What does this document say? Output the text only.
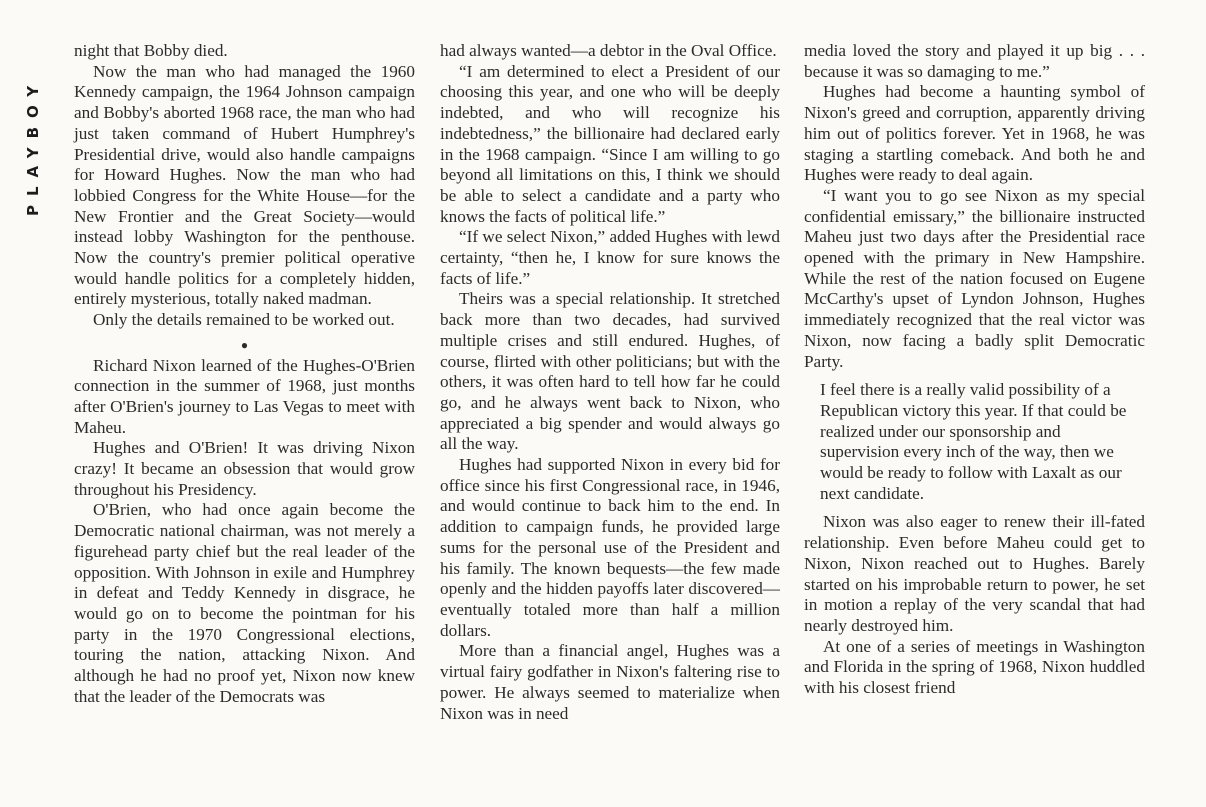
PLAYBOY

night that Bobby died.

Now the man who had managed the 1960 Kennedy campaign, the 1964 Johnson campaign and Bobby's aborted 1968 race, the man who had just taken command of Hubert Humphrey's Presidential drive, would also handle campaigns for Howard Hughes. Now the man who had lobbied Congress for the White House—for the New Frontier and the Great Society—would instead lobby Washington for the penthouse. Now the country's premier political operative would handle politics for a completely hidden, entirely mysterious, totally naked madman.

Only the details remained to be worked out.

●

Richard Nixon learned of the Hughes-O'Brien connection in the summer of 1968, just months after O'Brien's journey to Las Vegas to meet with Maheu.

Hughes and O'Brien! It was driving Nixon crazy! It became an obsession that would grow throughout his Presidency.

O'Brien, who had once again become the Democratic national chairman, was not merely a figurehead party chief but the real leader of the opposition. With Johnson in exile and Humphrey in defeat and Teddy Kennedy in disgrace, he would go on to become the pointman for his party in the 1970 Congressional elections, touring the nation, attacking Nixon. And although he had no proof yet, Nixon now knew that the leader of the Democrats was

had always wanted—a debtor in the Oval Office.

“I am determined to elect a President of our choosing this year, and one who will be deeply indebted, and who will recognize his indebtedness,” the billionaire had declared early in the 1968 campaign. “Since I am willing to go beyond all limitations on this, I think we should be able to select a candidate and a party who knows the facts of political life.”

“If we select Nixon,” added Hughes with lewd certainty, “then he, I know for sure knows the facts of life.”

Theirs was a special relationship. It stretched back more than two decades, had survived multiple crises and still endured. Hughes, of course, flirted with other politicians; but with the others, it was often hard to tell how far he could go, and he always went back to Nixon, who appreciated a big spender and would always go all the way.

Hughes had supported Nixon in every bid for office since his first Congressional race, in 1946, and would continue to back him to the end. In addition to campaign funds, he provided large sums for the personal use of the President and his family. The known bequests—the few made openly and the hidden payoffs later discovered—eventually totaled more than half a million dollars.

More than a financial angel, Hughes was a virtual fairy godfather in Nixon's faltering rise to power. He always seemed to materialize when Nixon was in need

media loved the story and played it up big . . . because it was so damaging to me.”

Hughes had become a haunting symbol of Nixon's greed and corruption, apparently driving him out of politics forever. Yet in 1968, he was staging a startling comeback. And both he and Hughes were ready to deal again.

“I want you to go see Nixon as my special confidential emissary,” the billionaire instructed Maheu just two days after the Presidential race opened with the primary in New Hampshire. While the rest of the nation focused on Eugene McCarthy's upset of Lyndon Johnson, Hughes immediately recognized that the real victor was Nixon, now facing a badly split Democratic Party.

I feel there is a really valid possibility of a Republican victory this year. If that could be realized under our sponsorship and supervision every inch of the way, then we would be ready to follow with Laxalt as our next candidate.

Nixon was also eager to renew their ill-fated relationship. Even before Maheu could get to Nixon, Nixon reached out to Hughes. Barely started on his improbable return to power, he set in motion a replay of the very scandal that had nearly destroyed him.

At one of a series of meetings in Washington and Florida in the spring of 1968, Nixon huddled with his closest friend
